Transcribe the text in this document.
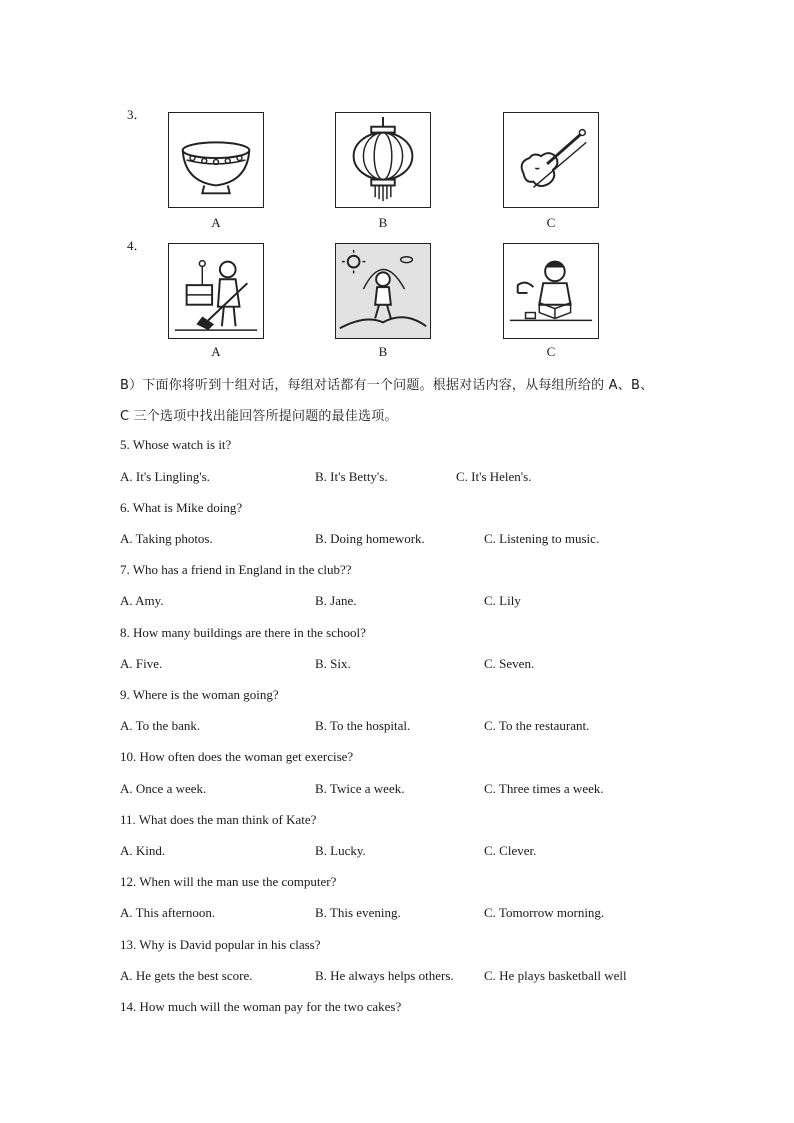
3．
A	B	C
4．
A	B	C
B）下面你将听到十组对话，每组对话都有一个问题。根据对话内容，从每组所给的 A、B、
C 三个选项中找出能回答所提问题的最佳选项。
5. Whose watch is it?
A. It's Lingling's.	B. It's Betty's.	C. It's Helen's.
6. What is Mike doing?
A. Taking photos.	B. Doing homework.	C. Listening to music.
7. Who has a friend in England in the club??
A. Amy.	B. Jane.	C. Lily
8. How many buildings are there in the school?
A. Five.	B. Six.	C. Seven.
9. Where is the woman going?
A. To the bank.	B. To the hospital.	C. To the restaurant.
10. How often does the woman get exercise?
A. Once a week.	B. Twice a week.	C. Three times a week.
11. What does the man think of Kate?
A. Kind.	B. Lucky.	C. Clever.
12. When will the man use the computer?
A. This afternoon.	B. This evening.	C. Tomorrow morning.
13. Why is David popular in his class?
A. He gets the best score.	B. He always helps others. C. He plays basketball well
14. How much will the woman pay for the two cakes?
